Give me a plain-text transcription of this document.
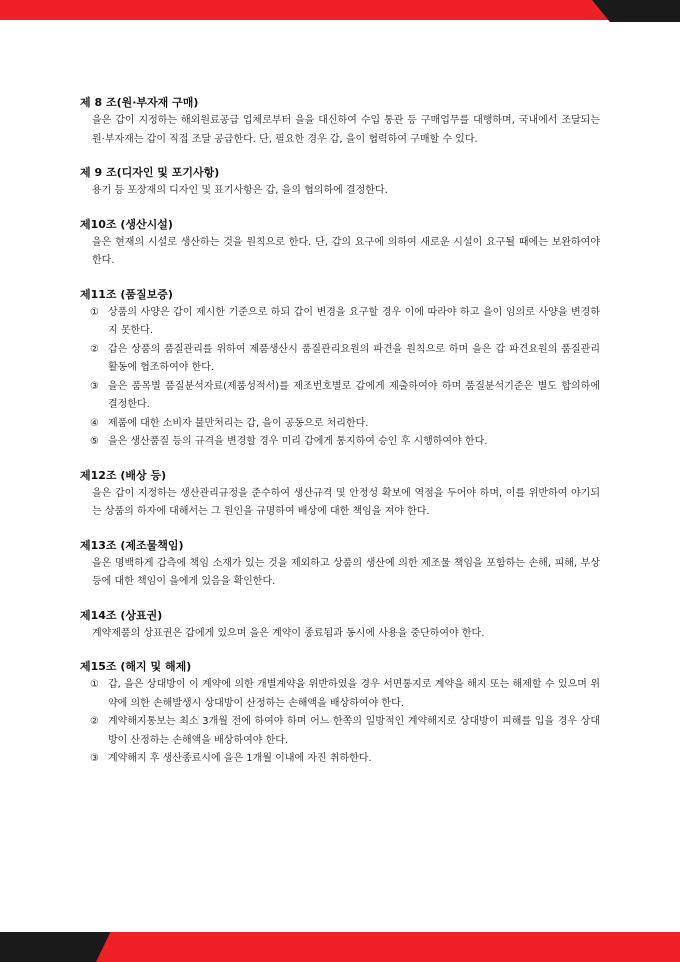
제 8 조(원·부자재 구매)

을은 갑이 지정하는 해외원료공급 업체로부터 을을 대신하여 수입 통관 등 구매업무를 대행하며, 국내에서 조달되는 원·부자재는 갑이 직접 조달 공급한다. 단, 필요한 경우 갑, 을이 협력하여 구매할 수 있다.

제 9 조(디자인 및 포기사항)

용기 등 포장재의 디자인 및 표기사항은 갑, 을의 협의하에 결정한다.

제10조 (생산시설)

을은 현재의 시설로 생산하는 것을 원칙으로 한다. 단, 갑의 요구에 의하여 새로운 시설이 요구될 때에는 보완하여야 한다.

제11조 (품질보증)
① 상품의 사양은 갑이 제시한 기준으로 하되 갑이 변경을 요구할 경우 이에 따라야 하고 을이 임의로 사양을 변경하지 못한다.
② 갑은 상품의 품질관리를 위하여 제품생산시 품질관리요원의 파견을 원칙으로 하며 을은 갑 파견요원의 품질관리활동에 협조하여야 한다.
③ 을은 품목별 품질분석자료(제품성적서)를 제조번호별로 갑에게 제출하여야 하며 품질분석기준은 별도 합의하에 결정한다.
④ 제품에 대한 소비자 불만처리는 갑, 을이 공동으로 처리한다.
⑤ 을은 생산품질 등의 규격을 변경할 경우 미리 갑에게 통지하여 승인 후 시행하여야 한다.
제12조 (배상 등)

을은 갑이 지정하는 생산관리규정을 준수하여 생산규격 및 안정성 확보에 역점을 두어야 하며, 이를 위반하여 야기되는 상품의 하자에 대해서는 그 원인을 규명하여 배상에 대한 책임을 져야 한다.

제13조 (제조물책임)

을은 명백하게 갑측에 책임 소재가 있는 것을 제외하고 상품의 생산에 의한 제조물 책임을 포함하는 손해, 피해, 부상 등에 대한 책임이 을에게 있음을 확인한다.

제14조 (상표권)

계약제품의 상표권은 갑에게 있으며 을은 계약이 종료됨과 동시에 사용을 중단하여야 한다.

제15조 (해지 및 해제)
① 갑, 을은 상대방이 이 계약에 의한 개별계약을 위반하였을 경우 서면통지로 계약을 해지 또는 해제할 수 있으며 위약에 의한 손해발생시 상대방이 산정하는 손해액을 배상하여야 한다.
② 계약해지통보는 최소 3개월 전에 하여야 하며 어느 한쪽의 일방적인 계약해지로 상대방이 피해를 입을 경우 상대방이 산정하는 손해액을 배상하여야 한다.
③ 계약해지 후 생산종료시에 을은 1개월 이내에 자진 취하한다.
